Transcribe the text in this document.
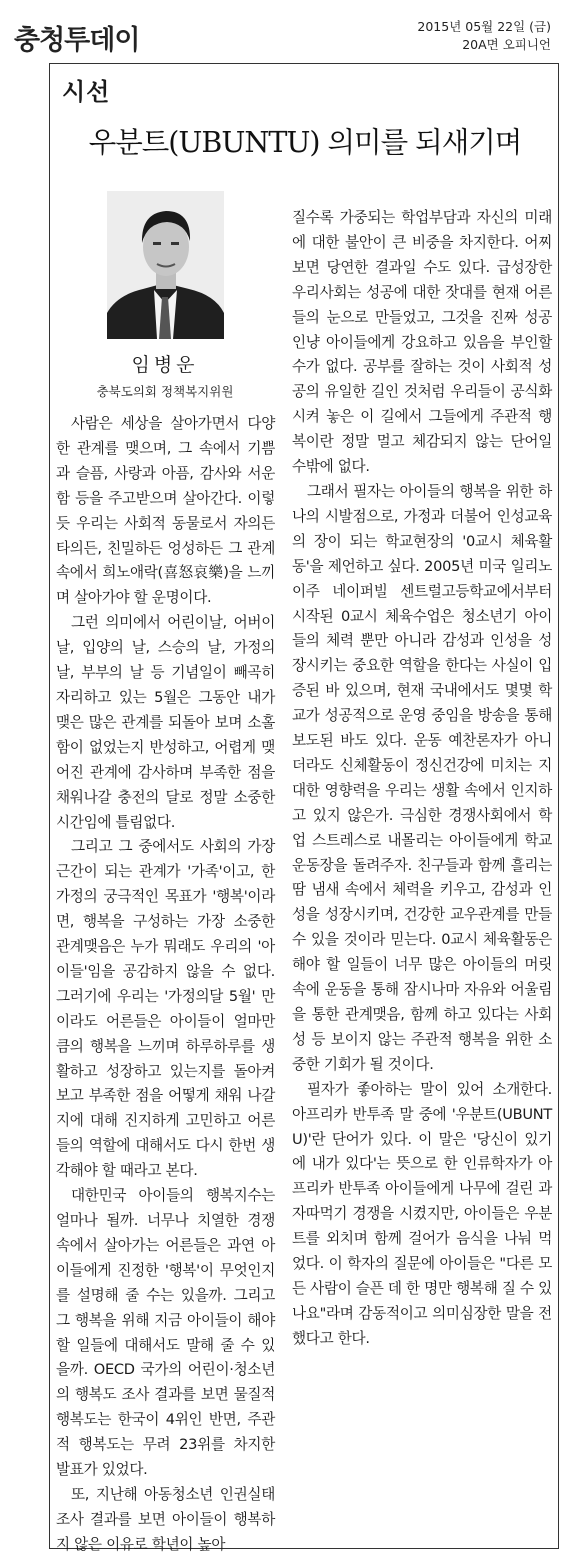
충청투데이	2015년 05월 22일 (금)
20A면 오피니언
시선
우분트(UBUNTU) 의미를 되새기며
임병운
충북도의회 정책복지위원

사람은 세상을 살아가면서 다양한 관계를 맺으며, 그 속에서 기쁨과 슬픔, 사랑과 아픔, 감사와 서운함 등을 주고받으며 살아간다. 이렇듯 우리는 사회적 동물로서 자의든 타의든, 친밀하든 엉성하든 그 관계 속에서 희노애락(喜怒哀樂)을 느끼며 살아가야 할 운명이다.

그런 의미에서 어린이날, 어버이날, 입양의 날, 스승의 날, 가정의 날, 부부의 날 등 기념일이 빼곡히 자리하고 있는 5월은 그동안 내가 맺은 많은 관계를 되돌아 보며 소홀함이 없었는지 반성하고, 어렵게 맺어진 관계에 감사하며 부족한 점을 채워나갈 충전의 달로 정말 소중한 시간임에 틀림없다.

그리고 그 중에서도 사회의 가장 근간이 되는 관계가 '가족'이고, 한 가정의 궁극적인 목표가 '행복'이라면, 행복을 구성하는 가장 소중한 관계맺음은 누가 뭐래도 우리의 '아이들'임을 공감하지 않을 수 없다. 그러기에 우리는 '가정의달 5월' 만이라도 어른들은 아이들이 얼마만큼의 행복을 느끼며 하루하루를 생활하고 성장하고 있는지를 돌아켜보고 부족한 점을 어떻게 채워 나갈지에 대해 진지하게 고민하고 어른들의 역할에 대해서도 다시 한번 생각해야 할 때라고 본다.

대한민국 아이들의 행복지수는 얼마나 될까. 너무나 치열한 경쟁 속에서 살아가는 어른들은 과연 아이들에게 진정한 '행복'이 무엇인지를 설명해 줄 수는 있을까. 그리고 그 행복을 위해 지금 아이들이 해야 할 일들에 대해서도 말해 줄 수 있을까. OECD 국가의 어린이·청소년의 행복도 조사 결과를 보면 물질적 행복도는 한국이 4위인 반면, 주관적 행복도는 무려 23위를 차지한 발표가 있었다.

또, 지난해 아동청소년 인권실태조사 결과를 보면 아이들이 행복하지 않은 이유로 학년이 높아

질수록 가중되는 학업부담과 자신의 미래에 대한 불안이 큰 비중을 차지한다. 어찌 보면 당연한 결과일 수도 있다. 급성장한 우리사회는 성공에 대한 잣대를 현재 어른들의 눈으로 만들었고, 그것을 진짜 성공인냥 아이들에게 강요하고 있음을 부인할 수가 없다. 공부를 잘하는 것이 사회적 성공의 유일한 길인 것처럼 우리들이 공식화시켜 놓은 이 길에서 그들에게 주관적 행복이란 정말 멀고 체감되지 않는 단어일 수밖에 없다.

그래서 필자는 아이들의 행복을 위한 하나의 시발점으로, 가정과 더불어 인성교육의 장이 되는 학교현장의 '0교시 체육활동'을 제언하고 싶다. 2005년 미국 일리노이주 네이퍼빌 센트럴고등학교에서부터 시작된 0교시 체육수업은 청소년기 아이들의 체력 뿐만 아니라 감성과 인성을 성장시키는 중요한 역할을 한다는 사실이 입증된 바 있으며, 현재 국내에서도 몇몇 학교가 성공적으로 운영 중임을 방송을 통해 보도된 바도 있다. 운동 예찬론자가 아니더라도 신체활동이 정신건강에 미치는 지대한 영향력을 우리는 생활 속에서 인지하고 있지 않은가. 극심한 경쟁사회에서 학업 스트레스로 내몰리는 아이들에게 학교 운동장을 돌려주자. 친구들과 함께 흘리는 땀 냄새 속에서 체력을 키우고, 감성과 인성을 성장시키며, 건강한 교우관계를 만들 수 있을 것이라 믿는다. 0교시 체육활동은 해야 할 일들이 너무 많은 아이들의 머릿속에 운동을 통해 잠시나마 자유와 어울림을 통한 관계맺음, 함께 하고 있다는 사회성 등 보이지 않는 주관적 행복을 위한 소중한 기회가 될 것이다.

필자가 좋아하는 말이 있어 소개한다. 아프리카 반투족 말 중에 '우분트(UBUNTU)'란 단어가 있다. 이 말은 '당신이 있기에 내가 있다'는 뜻으로 한 인류학자가 아프리카 반투족 아이들에게 나무에 걸린 과자따먹기 경쟁을 시켰지만, 아이들은 우분트를 외치며 함께 걸어가 음식을 나눠 먹었다. 이 학자의 질문에 아이들은 "다른 모든 사람이 슬픈 데 한 명만 행복해 질 수 있나요"라며 감동적이고 의미심장한 말을 전했다고 한다.
